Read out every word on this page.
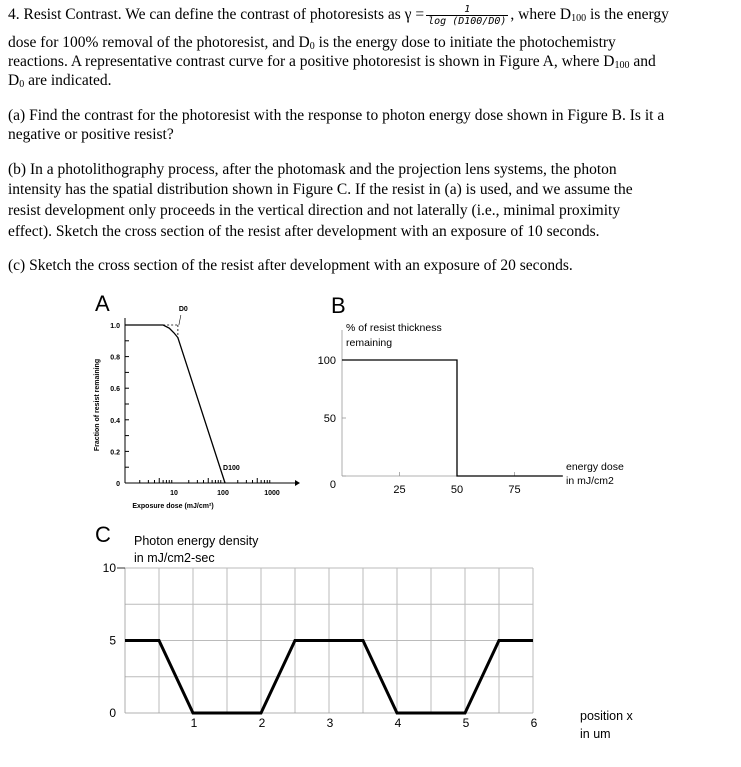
4. Resist Contrast. We can define the contrast of photoresists as $\gamma = \frac{1}{\log (D100/D0)}$ , where $D_{100}$ is the energy
dose for 100% removal of the photoresist, and $D_0$ is the energy dose to initiate the photochemistry
reactions. A representative contrast curve for a positive photoresist is shown in Figure A, where $D_{100}$ and
$D_0$ are indicated.
(a) Find the contrast for the photoresist with the response to photon energy dose shown in Figure B. Is it a
negative or positive resist?
(b) In a photolithography process, after the photomask and the projection lens systems, the photon
intensity has the spatial distribution shown in Figure C. If the resist in (a) is used, and we assume the
resist development only proceeds in the vertical direction and not laterally (i.e., minimal proximity
effect). Sketch the cross section of the resist after development with an exposure of 10 seconds.
(c) Sketch the cross section of the resist after development with an exposure of 20 seconds.
A
0
0.2
0.4
0.6
0.8
1.0
10	100	1000
Exposure dose (mJ/cm²)
Fraction of resist remaining
D0
D100
B
0
50
100
25	50	75
% of resist thickness
remaining
energy dose
in mJ/cm2
C
0
5
10
1	2	3	4	5	6
Photon energy density
in mJ/cm2-sec
position x
in um
